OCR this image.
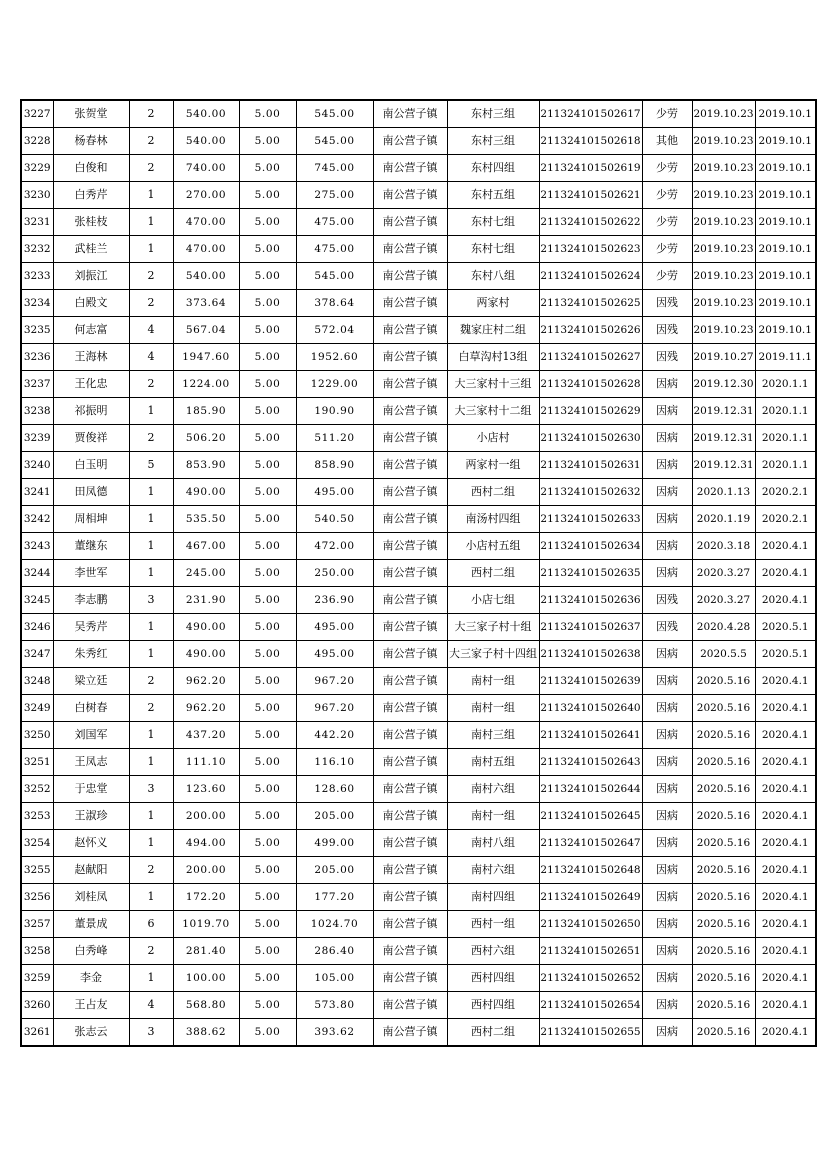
3227	张贺堂	2	540.00	5.00	545.00	南公营子镇	东村三组	211324101502617	少劳	2019.10.23	2019.10.1
3228	杨春林	2	540.00	5.00	545.00	南公营子镇	东村三组	211324101502618	其他	2019.10.23	2019.10.1
3229	白俊和	2	740.00	5.00	745.00	南公营子镇	东村四组	211324101502619	少劳	2019.10.23	2019.10.1
3230	白秀芹	1	270.00	5.00	275.00	南公营子镇	东村五组	211324101502621	少劳	2019.10.23	2019.10.1
3231	张桂枝	1	470.00	5.00	475.00	南公营子镇	东村七组	211324101502622	少劳	2019.10.23	2019.10.1
3232	武桂兰	1	470.00	5.00	475.00	南公营子镇	东村七组	211324101502623	少劳	2019.10.23	2019.10.1
3233	刘振江	2	540.00	5.00	545.00	南公营子镇	东村八组	211324101502624	少劳	2019.10.23	2019.10.1
3234	白殿文	2	373.64	5.00	378.64	南公营子镇	两家村	211324101502625	因残	2019.10.23	2019.10.1
3235	何志富	4	567.04	5.00	572.04	南公营子镇	魏家庄村二组	211324101502626	因残	2019.10.23	2019.10.1
3236	王海林	4	1947.60	5.00	1952.60	南公营子镇	白草沟村13组	211324101502627	因残	2019.10.27	2019.11.1
3237	王化忠	2	1224.00	5.00	1229.00	南公营子镇	大三家村十三组	211324101502628	因病	2019.12.30	2020.1.1
3238	祁振明	1	185.90	5.00	190.90	南公营子镇	大三家村十二组	211324101502629	因病	2019.12.31	2020.1.1
3239	贾俊祥	2	506.20	5.00	511.20	南公营子镇	小店村	211324101502630	因病	2019.12.31	2020.1.1
3240	白玉明	5	853.90	5.00	858.90	南公营子镇	两家村一组	211324101502631	因病	2019.12.31	2020.1.1
3241	田凤德	1	490.00	5.00	495.00	南公营子镇	西村二组	211324101502632	因病	2020.1.13	2020.2.1
3242	周相坤	1	535.50	5.00	540.50	南公营子镇	南汤村四组	211324101502633	因病	2020.1.19	2020.2.1
3243	董继东	1	467.00	5.00	472.00	南公营子镇	小店村五组	211324101502634	因病	2020.3.18	2020.4.1
3244	李世军	1	245.00	5.00	250.00	南公营子镇	西村二组	211324101502635	因病	2020.3.27	2020.4.1
3245	李志鹏	3	231.90	5.00	236.90	南公营子镇	小店七组	211324101502636	因残	2020.3.27	2020.4.1
3246	吴秀芹	1	490.00	5.00	495.00	南公营子镇	大三家子村十组	211324101502637	因残	2020.4.28	2020.5.1
3247	朱秀红	1	490.00	5.00	495.00	南公营子镇	大三家子村十四组	211324101502638	因病	2020.5.5	2020.5.1
3248	梁立廷	2	962.20	5.00	967.20	南公营子镇	南村一组	211324101502639	因病	2020.5.16	2020.4.1
3249	白树春	2	962.20	5.00	967.20	南公营子镇	南村一组	211324101502640	因病	2020.5.16	2020.4.1
3250	刘国军	1	437.20	5.00	442.20	南公营子镇	南村三组	211324101502641	因病	2020.5.16	2020.4.1
3251	王凤志	1	111.10	5.00	116.10	南公营子镇	南村五组	211324101502643	因病	2020.5.16	2020.4.1
3252	于忠堂	3	123.60	5.00	128.60	南公营子镇	南村六组	211324101502644	因病	2020.5.16	2020.4.1
3253	王淑珍	1	200.00	5.00	205.00	南公营子镇	南村一组	211324101502645	因病	2020.5.16	2020.4.1
3254	赵怀义	1	494.00	5.00	499.00	南公营子镇	南村八组	211324101502647	因病	2020.5.16	2020.4.1
3255	赵献阳	2	200.00	5.00	205.00	南公营子镇	南村六组	211324101502648	因病	2020.5.16	2020.4.1
3256	刘桂凤	1	172.20	5.00	177.20	南公营子镇	南村四组	211324101502649	因病	2020.5.16	2020.4.1
3257	董景成	6	1019.70	5.00	1024.70	南公营子镇	西村一组	211324101502650	因病	2020.5.16	2020.4.1
3258	白秀峰	2	281.40	5.00	286.40	南公营子镇	西村六组	211324101502651	因病	2020.5.16	2020.4.1
3259	李金	1	100.00	5.00	105.00	南公营子镇	西村四组	211324101502652	因病	2020.5.16	2020.4.1
3260	王占友	4	568.80	5.00	573.80	南公营子镇	西村四组	211324101502654	因病	2020.5.16	2020.4.1
3261	张志云	3	388.62	5.00	393.62	南公营子镇	西村二组	211324101502655	因病	2020.5.16	2020.4.1
